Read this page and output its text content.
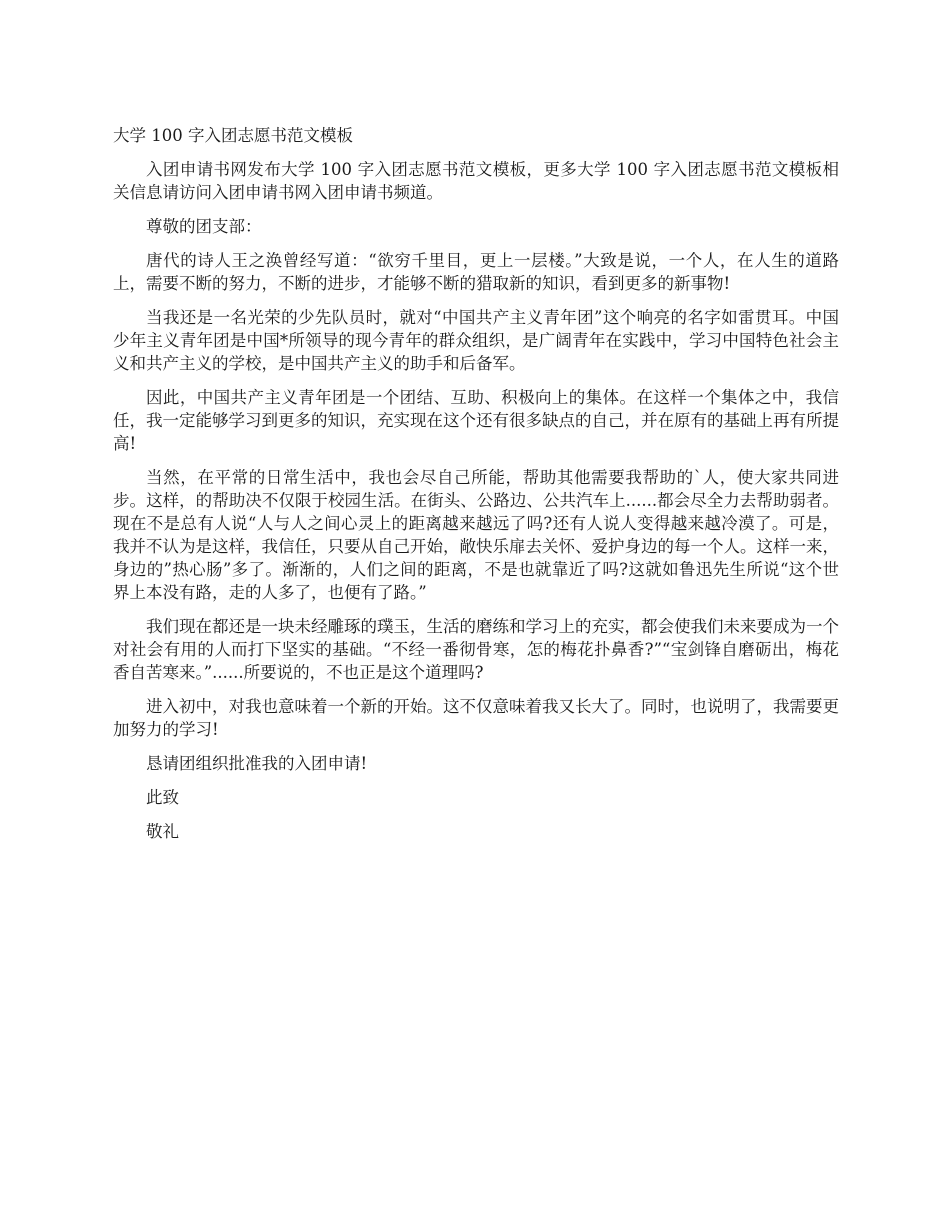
大学 100 字入团志愿书范文模板

入团申请书网发布大学 100 字入团志愿书范文模板，更多大学 100 字入团志愿书范文模板相关信息请访问入团申请书网入团申请书频道。

尊敬的团支部：

唐代的诗人王之涣曾经写道：“欲穷千里目，更上一层楼。”大致是说，一个人，在人生的道路上，需要不断的努力，不断的进步，才能够不断的猎取新的知识，看到更多的新事物!

当我还是一名光荣的少先队员时，就对“中国共产主义青年团”这个响亮的名字如雷贯耳。中国少年主义青年团是中国*所领导的现今青年的群众组织，是广阔青年在实践中，学习中国特色社会主义和共产主义的学校，是中国共产主义的助手和后备军。

因此，中国共产主义青年团是一个团结、互助、积极向上的集体。在这样一个集体之中，我信任，我一定能够学习到更多的知识，充实现在这个还有很多缺点的自己，并在原有的基础上再有所提高!

当然，在平常的日常生活中，我也会尽自己所能，帮助其他需要我帮助的`人，使大家共同进步。这样，的帮助决不仅限于校园生活。在街头、公路边、公共汽车上......都会尽全力去帮助弱者。现在不是总有人说“人与人之间心灵上的距离越来越远了吗?还有人说人变得越来越冷漠了。可是，我并不认为是这样，我信任，只要从自己开始，敞快乐扉去关怀、爱护身边的每一个人。这样一来，身边的”热心肠”多了。渐渐的，人们之间的距离，不是也就靠近了吗?这就如鲁迅先生所说“这个世界上本没有路，走的人多了，也便有了路。”

我们现在都还是一块未经雕琢的璞玉，生活的磨练和学习上的充实，都会使我们未来要成为一个对社会有用的人而打下坚实的基础。“不经一番彻骨寒，怎的梅花扑鼻香?”“宝剑锋自磨砺出，梅花香自苦寒来。”......所要说的，不也正是这个道理吗?

进入初中，对我也意味着一个新的开始。这不仅意味着我又长大了。同时，也说明了，我需要更加努力的学习!

恳请团组织批准我的入团申请!

此致

敬礼
